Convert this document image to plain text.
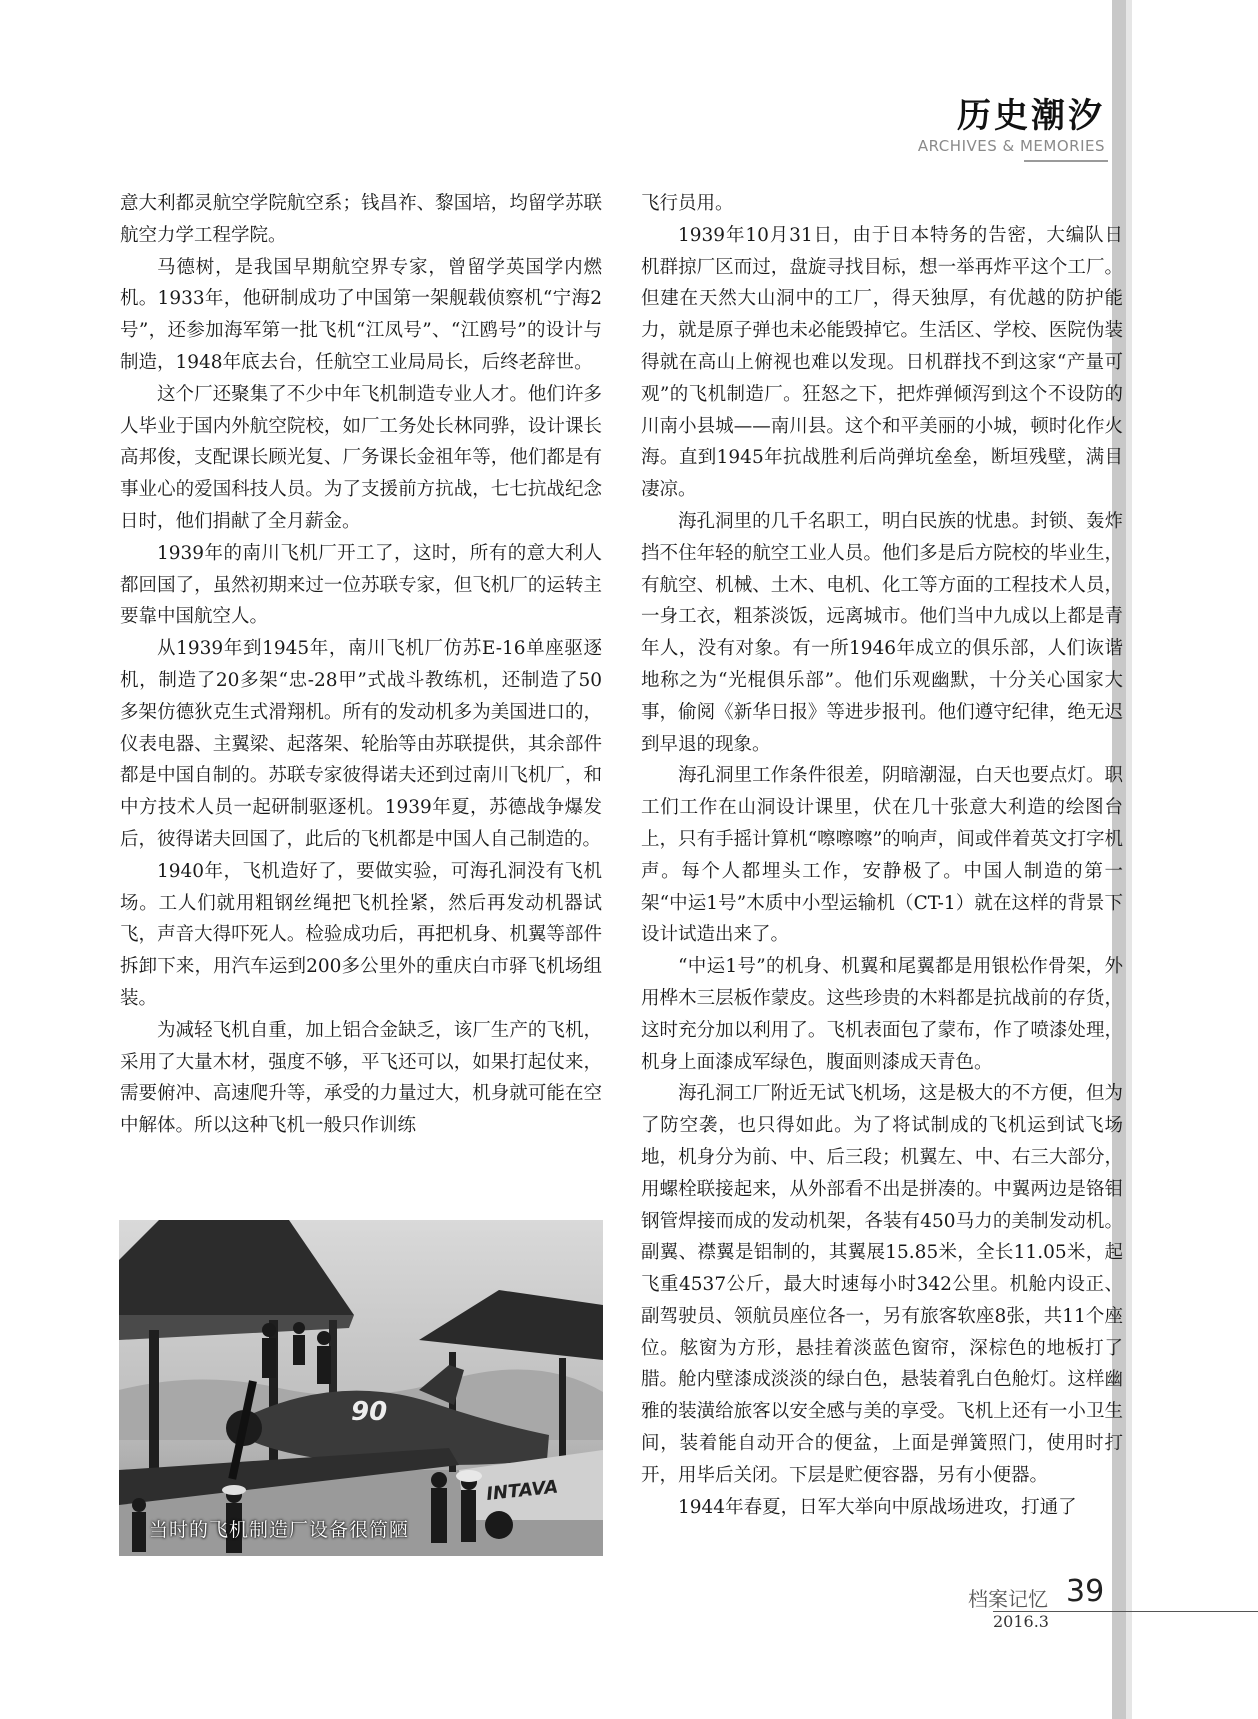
历史潮汐
ARCHIVES & MEMORIES

意大利都灵航空学院航空系；钱昌祚、黎国培，均留学苏联航空力学工程学院。

马德树，是我国早期航空界专家，曾留学英国学内燃机。1933年，他研制成功了中国第一架舰载侦察机“宁海2号”，还参加海军第一批飞机“江凤号”、“江鸥号”的设计与制造，1948年底去台，任航空工业局局长，后终老辞世。

这个厂还聚集了不少中年飞机制造专业人才。他们许多人毕业于国内外航空院校，如厂工务处长林同骅，设计课长高邦俊，支配课长顾光复、厂务课长金祖年等，他们都是有事业心的爱国科技人员。为了支援前方抗战，七七抗战纪念日时，他们捐献了全月薪金。

1939年的南川飞机厂开工了，这时，所有的意大利人都回国了，虽然初期来过一位苏联专家，但飞机厂的运转主要靠中国航空人。

从1939年到1945年，南川飞机厂仿苏E-16单座驱逐机，制造了20多架“忠-28甲”式战斗教练机，还制造了50多架仿德狄克生式滑翔机。所有的发动机多为美国进口的，仪表电器、主翼梁、起落架、轮胎等由苏联提供，其余部件都是中国自制的。苏联专家彼得诺夫还到过南川飞机厂，和中方技术人员一起研制驱逐机。1939年夏，苏德战争爆发后，彼得诺夫回国了，此后的飞机都是中国人自己制造的。

1940年，飞机造好了，要做实验，可海孔洞没有飞机场。工人们就用粗钢丝绳把飞机拴紧，然后再发动机器试飞，声音大得吓死人。检验成功后，再把机身、机翼等部件拆卸下来，用汽车运到200多公里外的重庆白市驿飞机场组装。

为减轻飞机自重，加上铝合金缺乏，该厂生产的飞机，采用了大量木材，强度不够，平飞还可以，如果打起仗来，需要俯冲、高速爬升等，承受的力量过大，机身就可能在空中解体。所以这种飞机一般只作训练

飞行员用。

1939年10月31日，由于日本特务的告密，大编队日机群掠厂区而过，盘旋寻找目标，想一举再炸平这个工厂。但建在天然大山洞中的工厂，得天独厚，有优越的防护能力，就是原子弹也未必能毁掉它。生活区、学校、医院伪装得就在高山上俯视也难以发现。日机群找不到这家“产量可观”的飞机制造厂。狂怒之下，把炸弹倾泻到这个不设防的川南小县城——南川县。这个和平美丽的小城，顿时化作火海。直到1945年抗战胜利后尚弹坑垒垒，断垣残壁，满目凄凉。

海孔洞里的几千名职工，明白民族的忧患。封锁、轰炸挡不住年轻的航空工业人员。他们多是后方院校的毕业生，有航空、机械、土木、电机、化工等方面的工程技术人员，一身工衣，粗茶淡饭，远离城市。他们当中九成以上都是青年人，没有对象。有一所1946年成立的俱乐部，人们诙谐地称之为“光棍俱乐部”。他们乐观幽默，十分关心国家大事，偷阅《新华日报》等进步报刊。他们遵守纪律，绝无迟到早退的现象。

海孔洞里工作条件很差，阴暗潮湿，白天也要点灯。职工们工作在山洞设计课里，伏在几十张意大利造的绘图台上，只有手摇计算机“嚓嚓嚓”的响声，间或伴着英文打字机声。每个人都埋头工作，安静极了。中国人制造的第一架“中运1号”木质中小型运输机（CT-1）就在这样的背景下设计试造出来了。

“中运1号”的机身、机翼和尾翼都是用银松作骨架，外用桦木三层板作蒙皮。这些珍贵的木料都是抗战前的存货，这时充分加以利用了。飞机表面包了蒙布，作了喷漆处理，机身上面漆成军绿色，腹面则漆成天青色。

海孔洞工厂附近无试飞机场，这是极大的不方便，但为了防空袭，也只得如此。为了将试制成的飞机运到试飞场地，机身分为前、中、后三段；机翼左、中、右三大部分，用螺栓联接起来，从外部看不出是拼凑的。中翼两边是铬钼钢管焊接而成的发动机架，各装有450马力的美制发动机。副翼、襟翼是铝制的，其翼展15.85米，全长11.05米，起飞重4537公斤，最大时速每小时342公里。机舱内设正、副驾驶员、领航员座位各一，另有旅客软座8张，共11个座位。舷窗为方形，悬挂着淡蓝色窗帘，深棕色的地板打了腊。舱内壁漆成淡淡的绿白色，悬装着乳白色舱灯。这样幽雅的装潢给旅客以安全感与美的享受。飞机上还有一小卫生间，装着能自动开合的便盆，上面是弹簧照门，使用时打开，用毕后关闭。下层是贮便容器，另有小便器。

1944年春夏，日军大举向中原战场进攻，打通了

90
INTAVA
当时的飞机制造厂设备很简陋
档案记忆 39
2016.3
